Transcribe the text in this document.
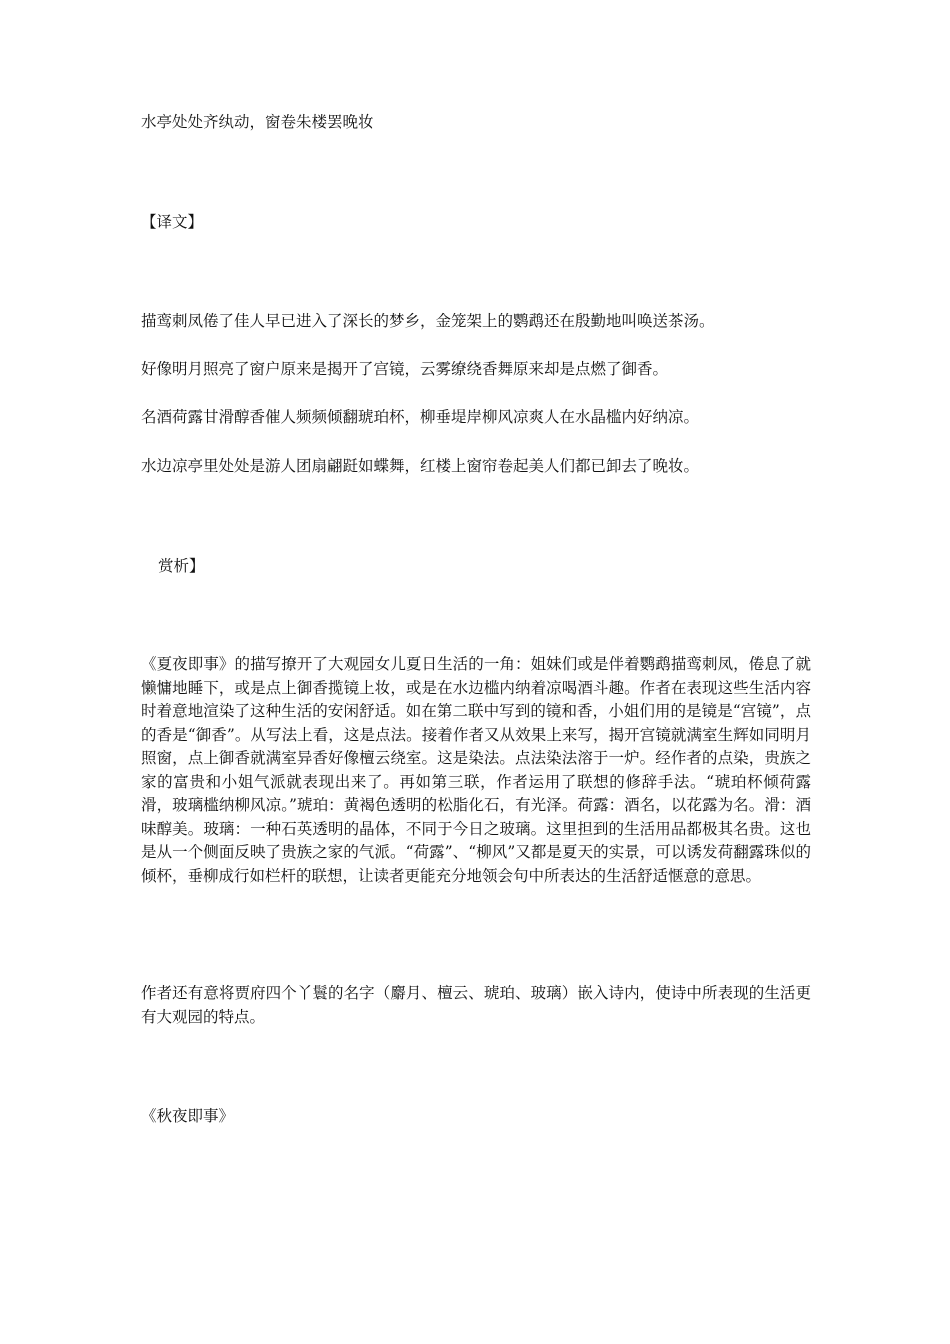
水亭处处齐纨动，窗卷朱楼罢晚妆

【译文】

描鸾刺凤倦了佳人早已进入了深长的梦乡，金笼架上的鹦鹉还在殷勤地叫唤送茶汤。

好像明月照亮了窗户原来是揭开了宫镜，云雾缭绕香舞原来却是点燃了御香。

名酒荷露甘滑醇香催人频频倾翻琥珀杯，柳垂堤岸柳风凉爽人在水晶槛内好纳凉。

水边凉亭里处处是游人团扇翩跹如蝶舞，红楼上窗帘卷起美人们都已卸去了晚妆。

赏析】

《夏夜即事》的描写撩开了大观园女儿夏日生活的一角：姐妹们或是伴着鹦鹉描鸾刺凤，倦息了就懒慵地睡下，或是点上御香揽镜上妆，或是在水边槛内纳着凉喝酒斗趣。作者在表现这些生活内容时着意地渲染了这种生活的安闲舒适。如在第二联中写到的镜和香，小姐们用的是镜是“宫镜”，点的香是“御香”。从写法上看，这是点法。接着作者又从效果上来写，揭开宫镜就满室生辉如同明月照窗，点上御香就满室异香好像檀云绕室。这是染法。点法染法溶于一炉。经作者的点染，贵族之家的富贵和小姐气派就表现出来了。再如第三联，作者运用了联想的修辞手法。“琥珀杯倾荷露滑，玻璃槛纳柳风凉。”琥珀：黄褐色透明的松脂化石，有光泽。荷露：酒名，以花露为名。滑：酒味醇美。玻璃：一种石英透明的晶体，不同于今日之玻璃。这里担到的生活用品都极其名贵。这也是从一个侧面反映了贵族之家的气派。“荷露”、“柳风”又都是夏天的实景，可以诱发荷翻露珠似的倾杯，垂柳成行如栏杆的联想，让读者更能充分地领会句中所表达的生活舒适惬意的意思。

作者还有意将贾府四个丫鬟的名字（麝月、檀云、琥珀、玻璃）嵌入诗内，使诗中所表现的生活更有大观园的特点。

《秋夜即事》
